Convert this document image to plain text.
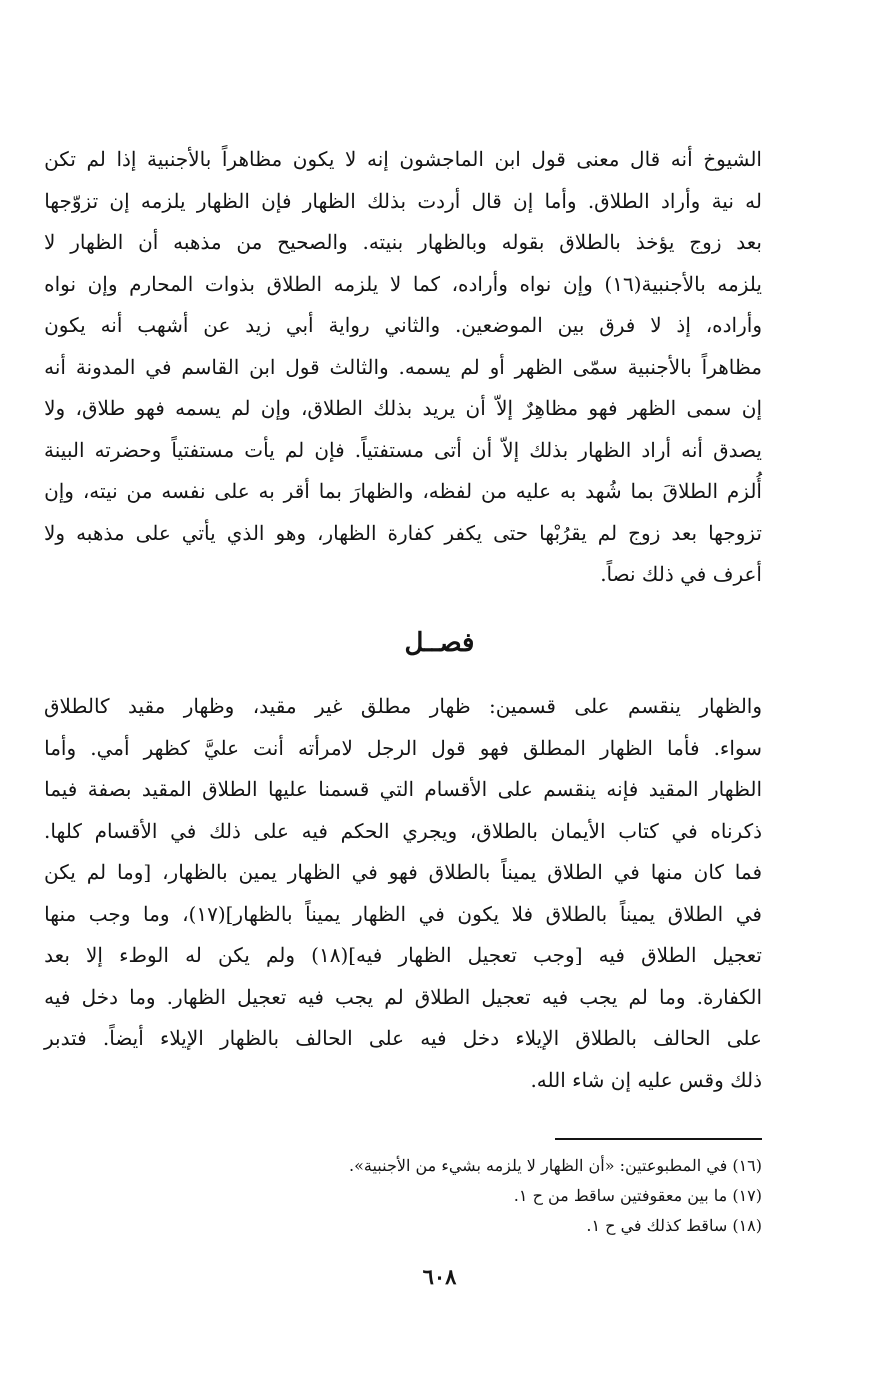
الشيوخ
أنه
قال
معنى
قول
ابن
الماجشون
إنه
لا
يكون
مظاهراً
بالأجنبية
إذا
لم
تكن
له
نية
وأراد
الطلاق.
وأما
إن
قال
أردت
بذلك
الظهار
فإن
الظهار
يلزمه
إن
تزوّجها
بعد
زوج
يؤخذ
بالطلاق
بقوله
وبالظهار
بنيته.
والصحيح
من
مذهبه
أن
الظهار
لا
يلزمه
بالأجنبية(١٦)
وإن
نواه
وأراده،
كما
لا
يلزمه
الطلاق
بذوات
المحارم
وإن
نواه
وأراده،
إذ
لا
فرق
بين
الموضعين.
والثاني
رواية
أبي
زيد
عن
أشهب
أنه
يكون
مظاهراً
بالأجنبية
سمّى
الظهر
أو
لم
يسمه.
والثالث
قول
ابن
القاسم
في
المدونة
أنه
إن
سمى
الظهر
فهو
مظاهِرٌ
إلاّ
أن
يريد
بذلك
الطلاق،
وإن
لم
يسمه
فهو
طلاق،
ولا
يصدق
أنه
أراد
الظهار
بذلك
إلاّ
أن
أتى
مستفتياً.
فإن
لم
يأت
مستفتياً
وحضرته
البينة
أُلزم
الطلاقَ
بما
شُهد
به
عليه
من
لفظه،
والظهارَ
بما
أقر
به
على
نفسه
من
نيته،
وإن
تزوجها
بعد
زوج
لم
يقرُبْها
حتى
يكفر
كفارة
الظهار،
وهو
الذي
يأتي
على
مذهبه
ولا
أعرف
في
ذلك
نصاً.
فصــل
والظهار
ينقسم
على
قسمين:
ظهار
مطلق
غير
مقيد،
وظهار
مقيد
كالطلاق
سواء.
فأما
الظهار
المطلق
فهو
قول
الرجل
لامرأته
أنت
عليَّ
كظهر
أمي.
وأما
الظهار
المقيد
فإنه
ينقسم
على
الأقسام
التي
قسمنا
عليها
الطلاق
المقيد
بصفة
فيما
ذكرناه
في
كتاب
الأيمان
بالطلاق،
ويجري
الحكم
فيه
على
ذلك
في
الأقسام
كلها.
فما
كان
منها
في
الطلاق
يميناً
بالطلاق
فهو
في
الظهار
يمين
بالظهار،
[وما
لم
يكن
في
الطلاق
يميناً
بالطلاق
فلا
يكون
في
الظهار
يميناً
بالظهار](١٧)،
وما
وجب
منها
تعجيل
الطلاق
فيه
[وجب
تعجيل
الظهار
فيه](١٨)
ولم
يكن
له
الوطء
إلا
بعد
الكفارة.
وما
لم
يجب
فيه
تعجيل
الطلاق
لم
يجب
فيه
تعجيل
الظهار.
وما
دخل
فيه
على
الحالف
بالطلاق
الإيلاء
دخل
فيه
على
الحالف
بالظهار
الإيلاء
أيضاً.
فتدبر
ذلك
وقس
عليه
إن
شاء
الله.
(١٦) في المطبوعتين: «أن الظهار لا يلزمه بشيء من الأجنبية».
(١٧) ما بين معقوفتين ساقط من ح ١.
(١٨) ساقط كذلك في ح ١.
٦٠٨
